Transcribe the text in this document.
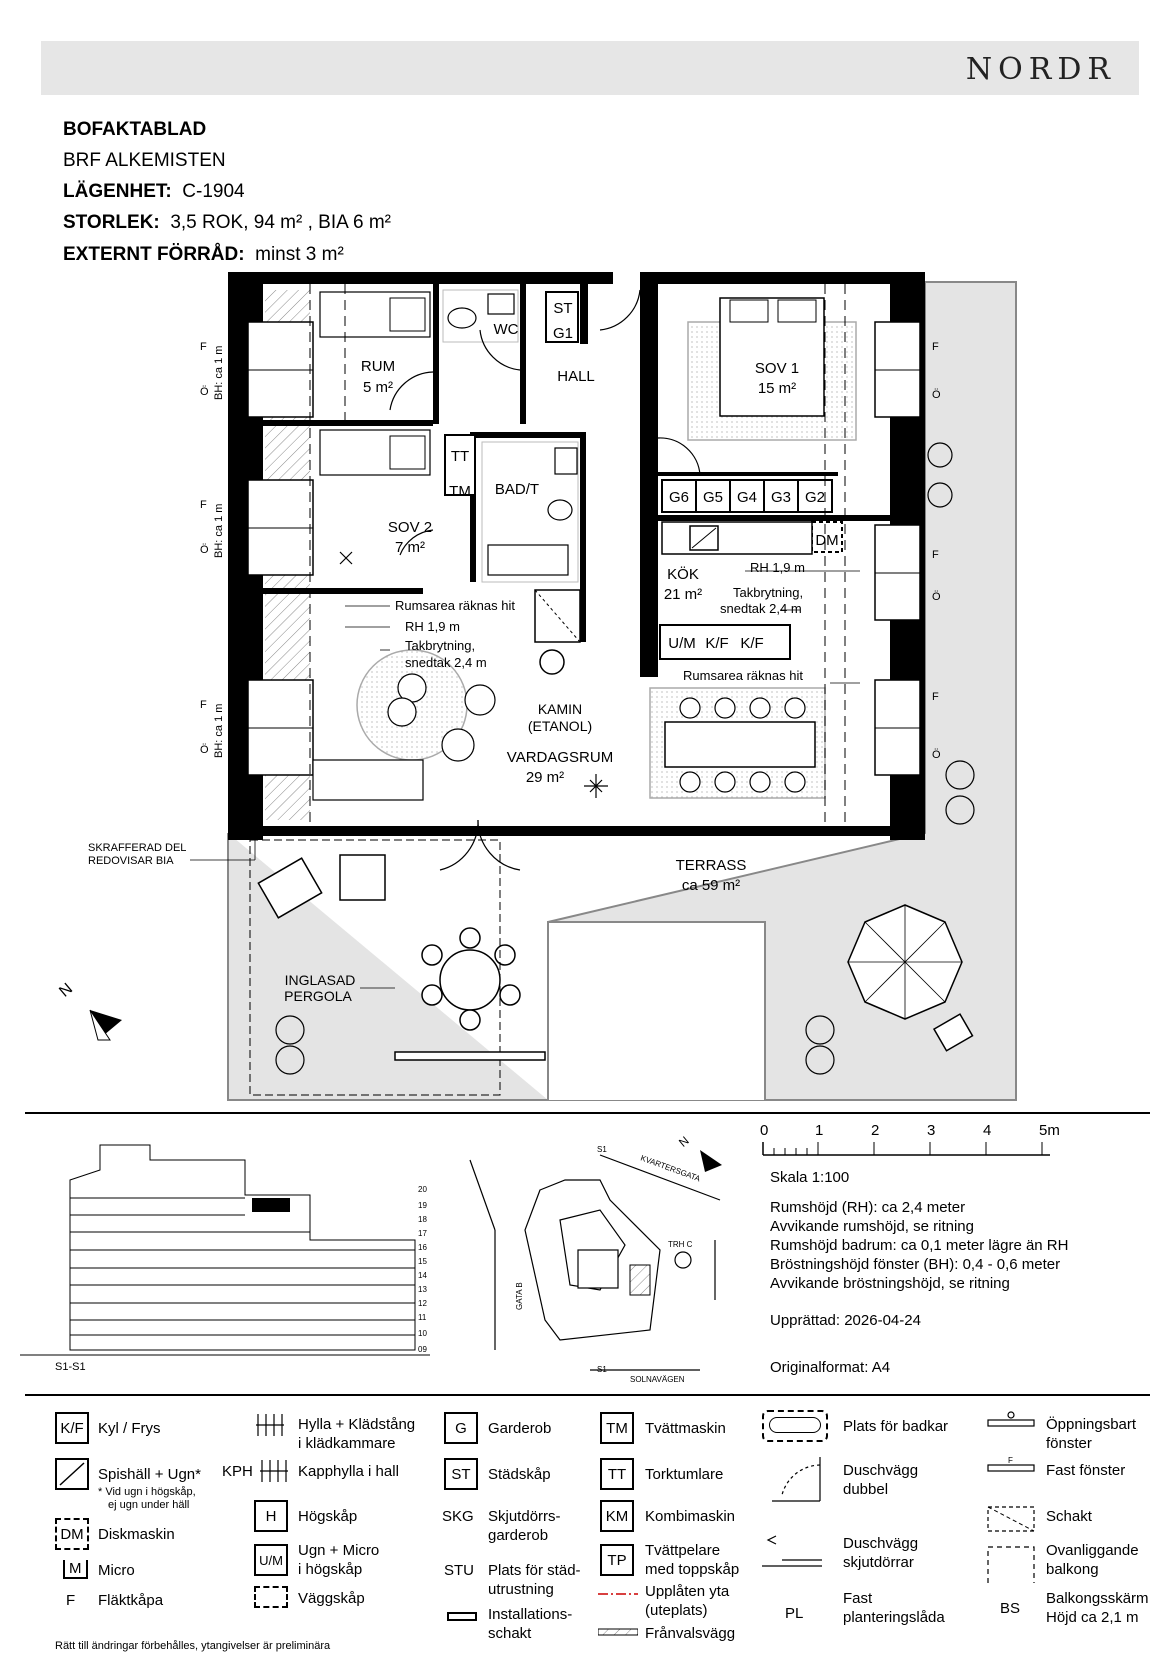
NORDR
BOFAKTABLAD
BRF ALKEMISTEN
LÄGENHET: C-1904
STORLEK: 3,5 ROK, 94 m² , BIA 6 m²
EXTERNT FÖRRÅD: minst 3 m²
N
RUM
5 m²
WC
ST
G1
HALL	SOV 1
15 m²
SOV 2
7 m²
TT
TM BAD/T	G6 G5 G4 G3 G2
DM
KÖK
21 m²
U/M K/F K/F
KAMIN
(ETANOL)
VARDAGSRUM
29 m²
TERRASS
ca 59 m²
INGLASAD
PERGOLA
Rumsarea räknas hit
RH 1,9 m
Takbrytning,
snedtak 2,4 m
RH 1,9 m
Takbrytning,
snedtak 2,4 m
Rumsarea räknas hit
SKRAFFERAD DEL
REDOVISAR BIA
F
Ö BH: ca 1 m
F
Ö BH: ca 1 m
F
Ö BH: ca 1 m
F
Ö
F
Ö
F
Ö
20
19
18
17
16
15
14
13
12
11
10
09
S1-S1
KVARTERSGATA
SOLNAVÄGEN
GATA B
TRH C
S1
S1
N
0	1	2	3	4	5m
Skala 1:100
Rumshöjd (RH): ca 2,4 meter
Avvikande rumshöjd, se ritning
Rumshöjd badrum: ca 0,1 meter lägre än RH
Bröstningshöjd fönster (BH): 0,4 - 0,6 meter
Avvikande bröstningshöjd, se ritning
Upprättad: 2026-04-24
Originalformat: A4
K/F Kyl / Frys
Spishäll + Ugn*
* Vid ugn i högskåp,
ej ugn under häll
DM Diskmaskin
M	Micro
F Fläktkåpa
Hylla + Klädstång
i klädkammare
KPH	Kapphylla i hall
H	Högskåp
U/M
Ugn + Micro
i högskåp
Väggskåp
G	Garderob
ST	Städskåp
SKG Skjutdörrs-
garderob
STU Plats för städ-
utrustning
Installations-
schakt
TM	Tvättmaskin
TT	Torktumlare
KM	Kombimaskin
TP
Tvättpelare
med toppskåp
Upplåten yta
(uteplats)
Frånvalsvägg
Plats för badkar
Duschvägg
dubbel
Duschvägg
skjutdörrar
PL
Fast
planteringslåda
Öppningsbart
fönster
F
Fast fönster
Schakt
Ovanliggande
balkong
BS
Balkongsskärm
Höjd ca 2,1 m
Rätt till ändringar förbehålles, ytangivelser är preliminära
